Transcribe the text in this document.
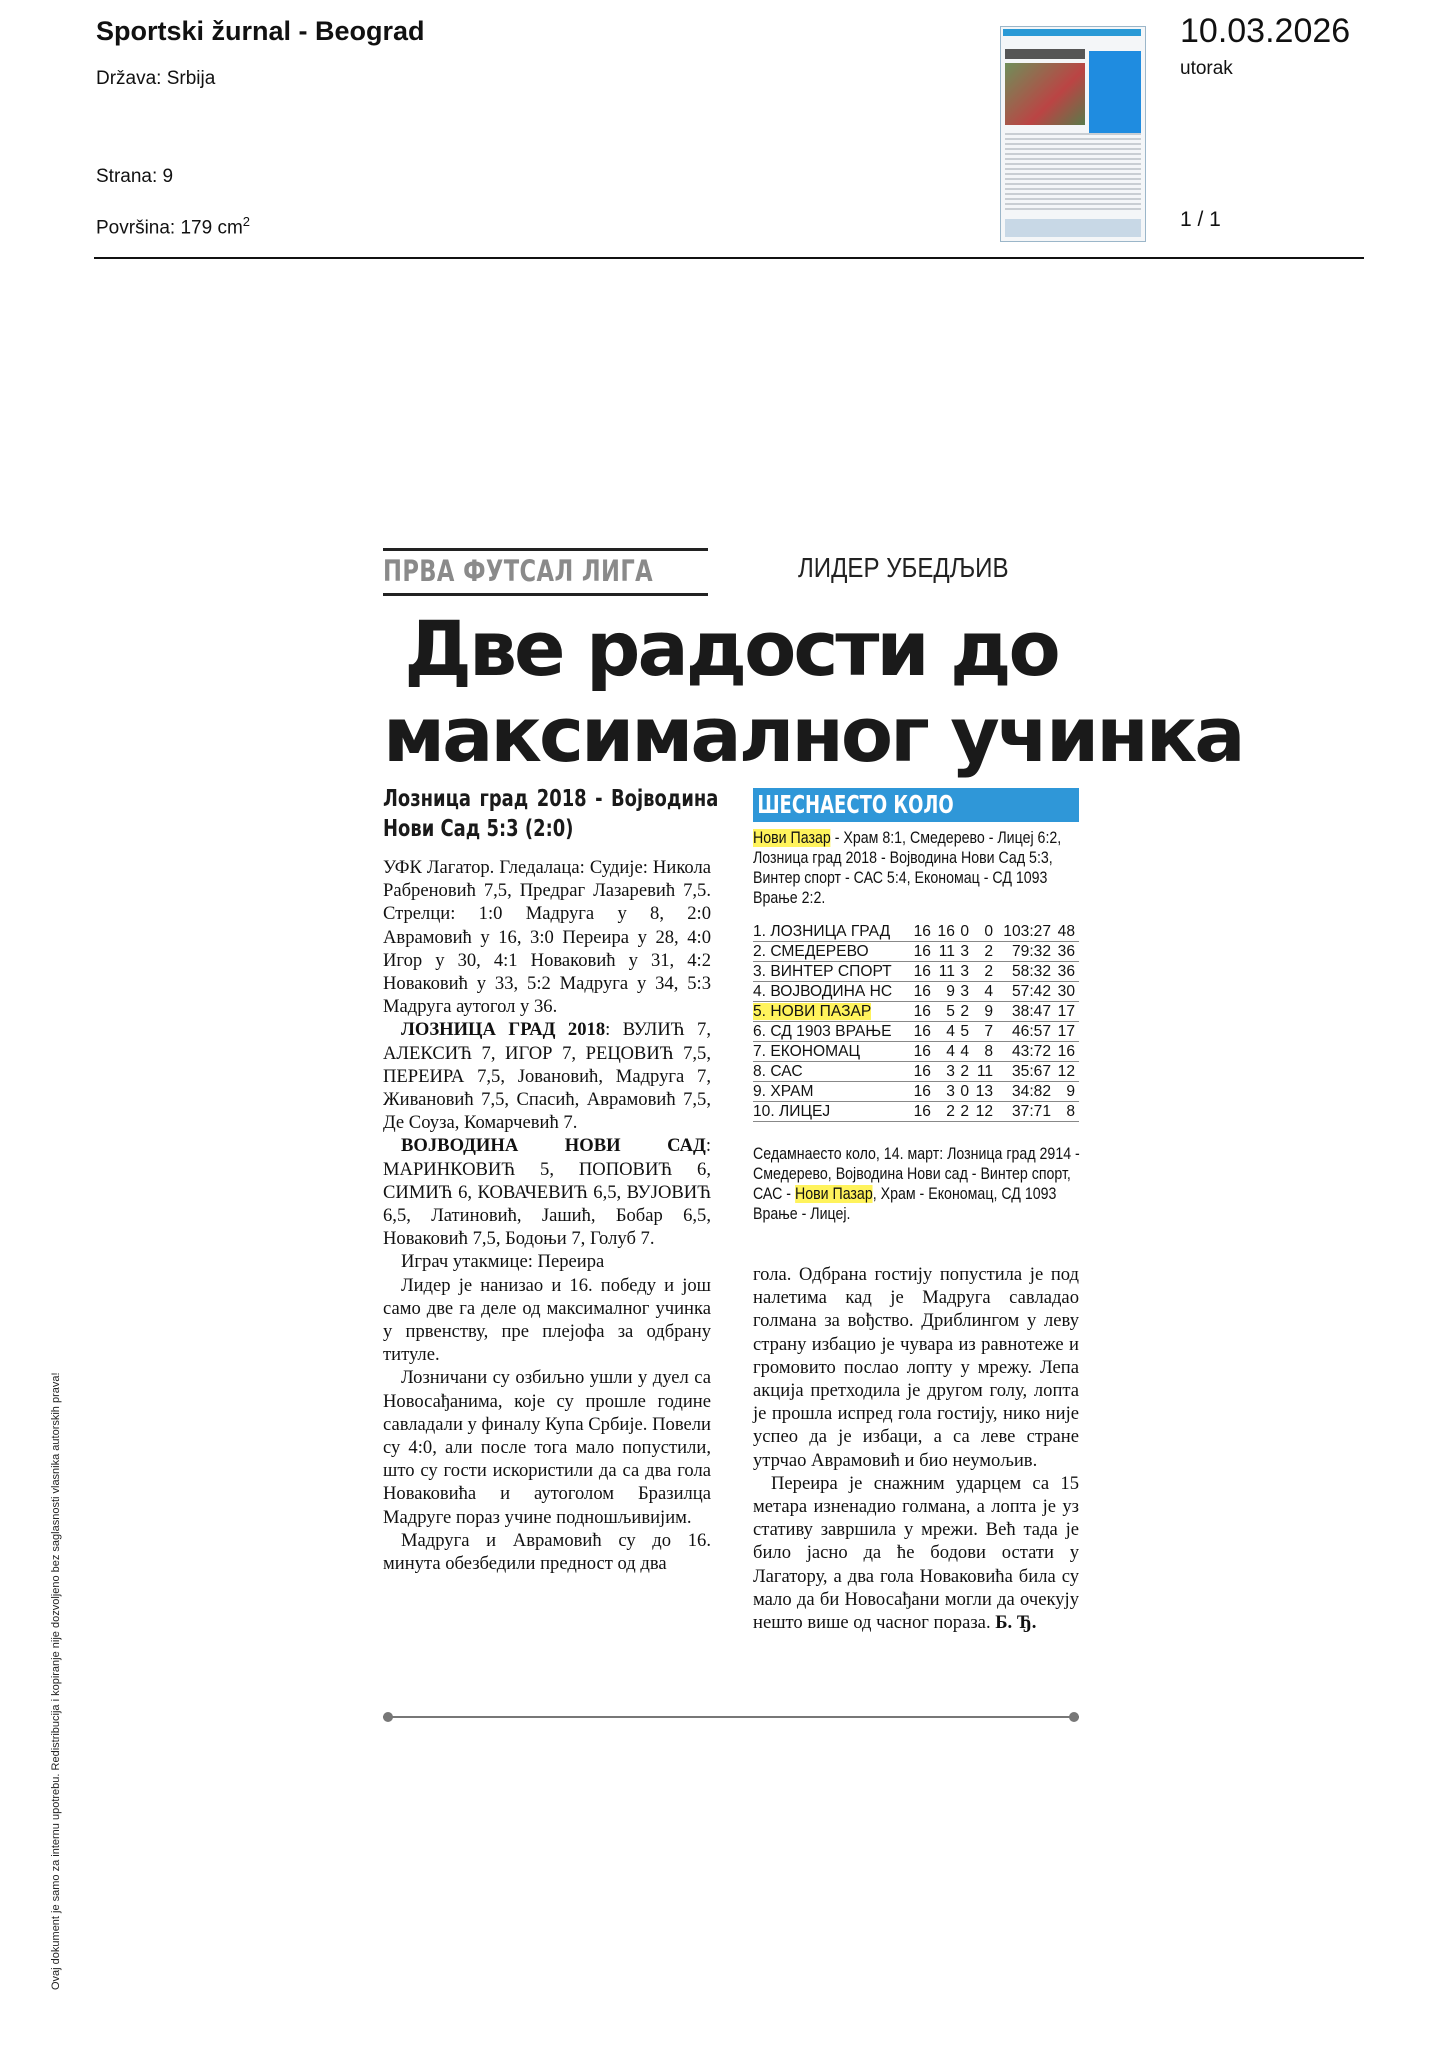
Sportski žurnal - Beograd
Država: Srbija
Strana: 9
Površina: 179 $cm^2$
10.03.2026
utorak
1 / 1
Ovaj dokument je samo za internu upotrebu. Redistribucija i kopiranje nije dozvoljeno bez saglasnosti vlasnika autorskih prava!
ПРВА ФУТСАЛ ЛИГА	ЛИДЕР УБЕДЉИВ
Две радости до
максималног учинка
Лозница град 2018 - Војводина Нови Сад 5:3 (2:0)

УФК Лагатор. Гледалаца: Судије: Никола Рабреновић 7,5, Предраг Лазаревић 7,5. Стрелци: 1:0 Мадруга у 8, 2:0 Аврамовић у 16, 3:0 Переира у 28, 4:0 Игор у 30, 4:1 Новаковић у 31, 4:2 Новаковић у 33, 5:2 Мадруга у 34, 5:3 Мадруга аутогол у 36.

ЛОЗНИЦА ГРАД 2018: ВУЛИЋ 7, АЛЕКСИЋ 7, ИГОР 7, РЕЦОВИЋ 7,5, ПЕРЕИРА 7,5, Јовановић, Мадруга 7, Живановић 7,5, Спасић, Аврамовић 7,5, Де Соуза, Комарчевић 7.

ВОЈВОДИНА НОВИ САД: МАРИНКОВИЋ 5, ПОПОВИЋ 6, СИМИЋ 6, КОВАЧЕВИЋ 6,5, ВУЈОВИЋ 6,5, Латиновић, Јашић, Бобар 6,5, Новаковић 7,5, Бодоњи 7, Голуб 7.

Играч утакмице: Переира

Лидер је нанизао и 16. победу и још само две га деле од максималног учинка у првенству, пре плејофа за одбрану титуле.

Лозничани су озбиљно ушли у дуел са Новосађанима, које су прошле године савладали у финалу Купа Србије. Повели су 4:0, али после тога мало попустили, што су гости искористили да са два гола Новаковића и аутоголом Бразилца Мадруге пораз учине подношљивијим.

Мадруга и Аврамовић су до 16. минута обезбедили предност од два

ШЕСНАЕСТО КОЛО
Нови Пазар - Храм 8:1, Смедерево - Лицеј 6:2, Лозница град 2018 - Војводина Нови Сад 5:3, Винтер спорт - САС 5:4, Економац - СД 1093 Врање 2:2.
1. ЛОЗНИЦА ГРАД	16	16	0	0	103:27	48
2. СМЕДЕРЕВО	16	11	3	2	79:32	36
3. ВИНТЕР СПОРТ	16	11	3	2	58:32	36
4. ВОЈВОДИНА НС	16	9	3	4	57:42	30
5. НОВИ ПАЗАР	16	5	2	9	38:47	17
6. СД 1903 ВРАЊЕ	16	4	5	7	46:57	17
7. ЕКОНОМАЦ	16	4	4	8	43:72	16
8. САС	16	3	2	11	35:67	12
9. ХРАМ	16	3	0	13	34:82	9
10. ЛИЦЕЈ	16	2	2	12	37:71	8
Седамнаесто коло, 14. март: Лозница град 2914 - Смедерево, Војводина Нови сад - Винтер спорт, САС - Нови Пазар, Храм - Економац, СД 1093 Врање - Лицеј.

гола. Одбрана гостију попустила је под налетима кад је Мадруга савладао голмана за вођство. Дриблингом у леву страну избацио је чувара из равнотеже и громовито послао лопту у мрежу. Лепа акција претходила је другом голу, лопта је прошла испред гола гостију, нико није успео да је избаци, а са леве стране утрчао Аврамовић и био неумољив.

Переира је снажним ударцем са 15 метара изненадио голмана, а лопта је уз стативу завршила у мрежи. Већ тада је било јасно да ће бодови остати у Лагатору, а два гола Новаковића била су мало да би Новосађани могли да очекују нешто више од часног пораза. Б. Ђ.
